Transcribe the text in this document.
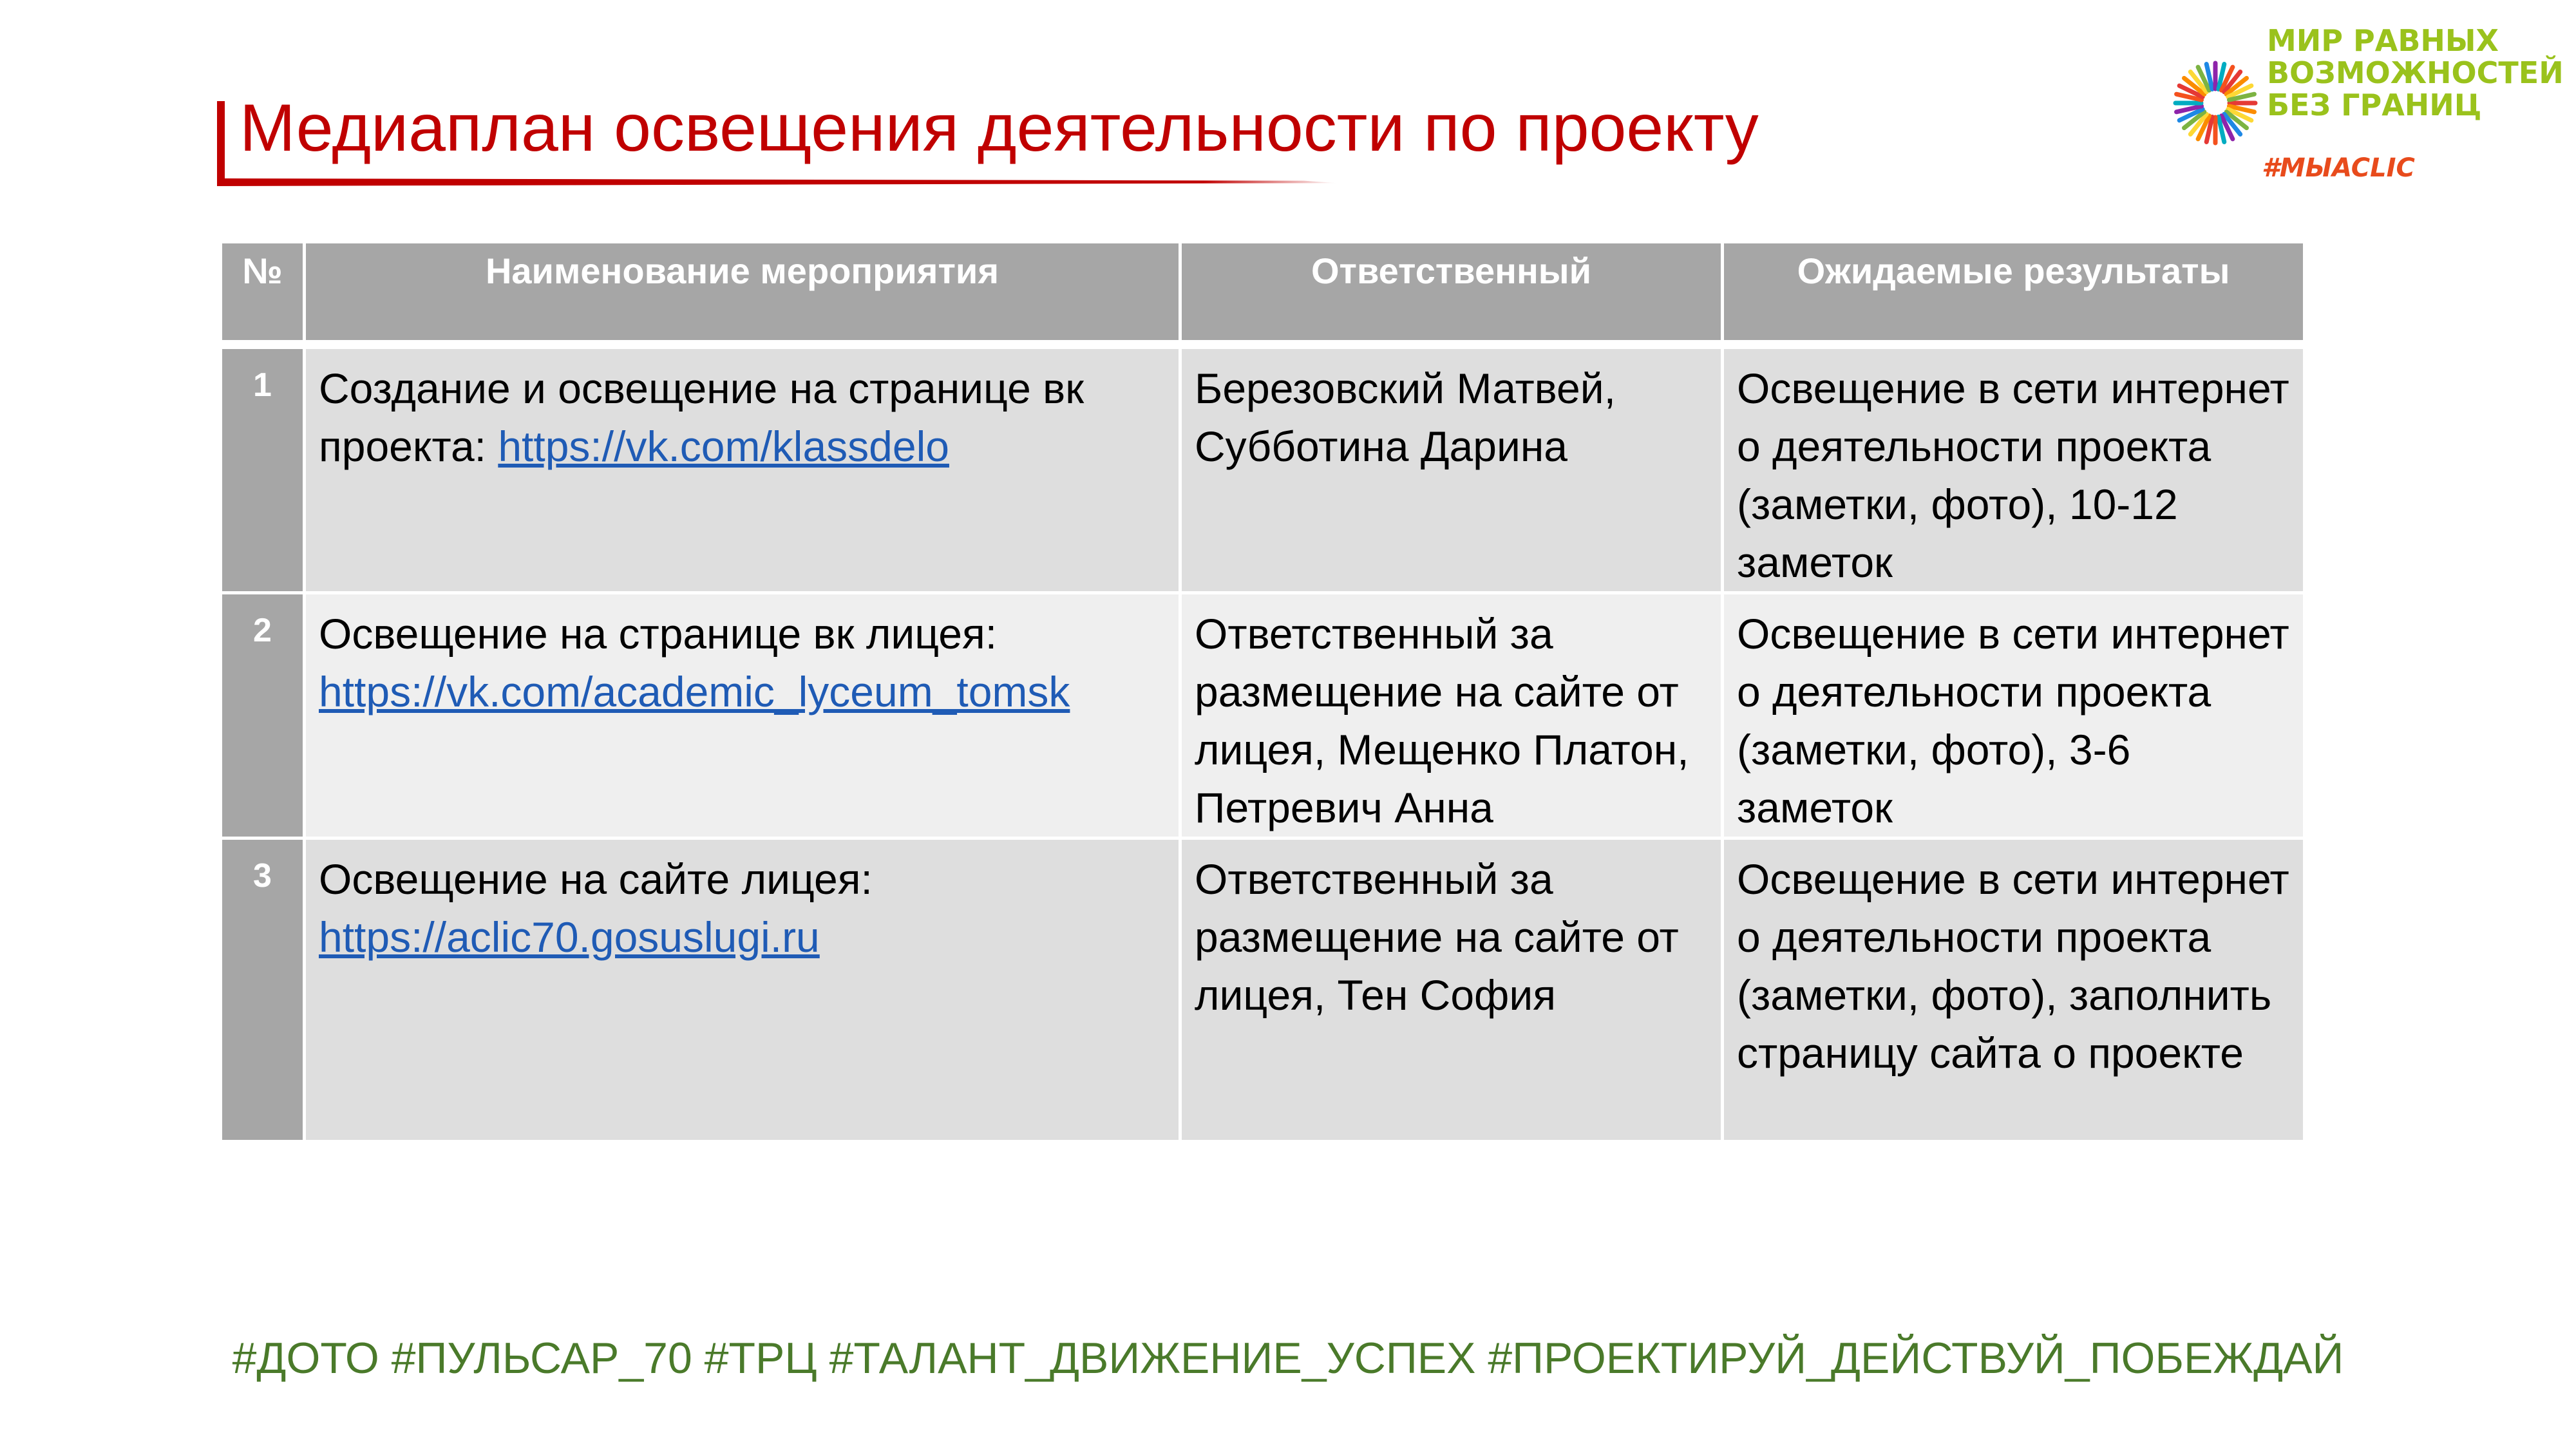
Медиаплан освещения деятельности по проекту
МИР РАВНЫХ
ВОЗМОЖНОСТЕЙ
БЕЗ ГРАНИЦ
#МЫACLIC
№	Наименование мероприятия	Ответственный	Ожидаемые результаты
1	Создание и освещение на странице вк проекта: https://vk.com/klassdelo	Березовский Матвей, Субботина Дарина	Освещение в сети интернет о деятельности проекта (заметки, фото), 10-12 заметок
2	Освещение на странице вк лицея: https://vk.com/academic_lyceum_tomsk	Ответственный за размещение на сайте от лицея, Мещенко Платон, Петревич Анна	Освещение в сети интернет о деятельности проекта (заметки, фото), 3-6 заметок
3	Освещение на сайте лицея: https://aclic70.gosuslugi.ru	Ответственный за размещение на сайте от лицея, Тен София	Освещение в сети интернет о деятельности проекта (заметки, фото), заполнить страницу сайта о проекте
#ДОТО #ПУЛЬСАР_70 #ТРЦ #ТАЛАНТ_ДВИЖЕНИЕ_УСПЕХ #ПРОЕКТИРУЙ_ДЕЙСТВУЙ_ПОБЕЖДАЙ
